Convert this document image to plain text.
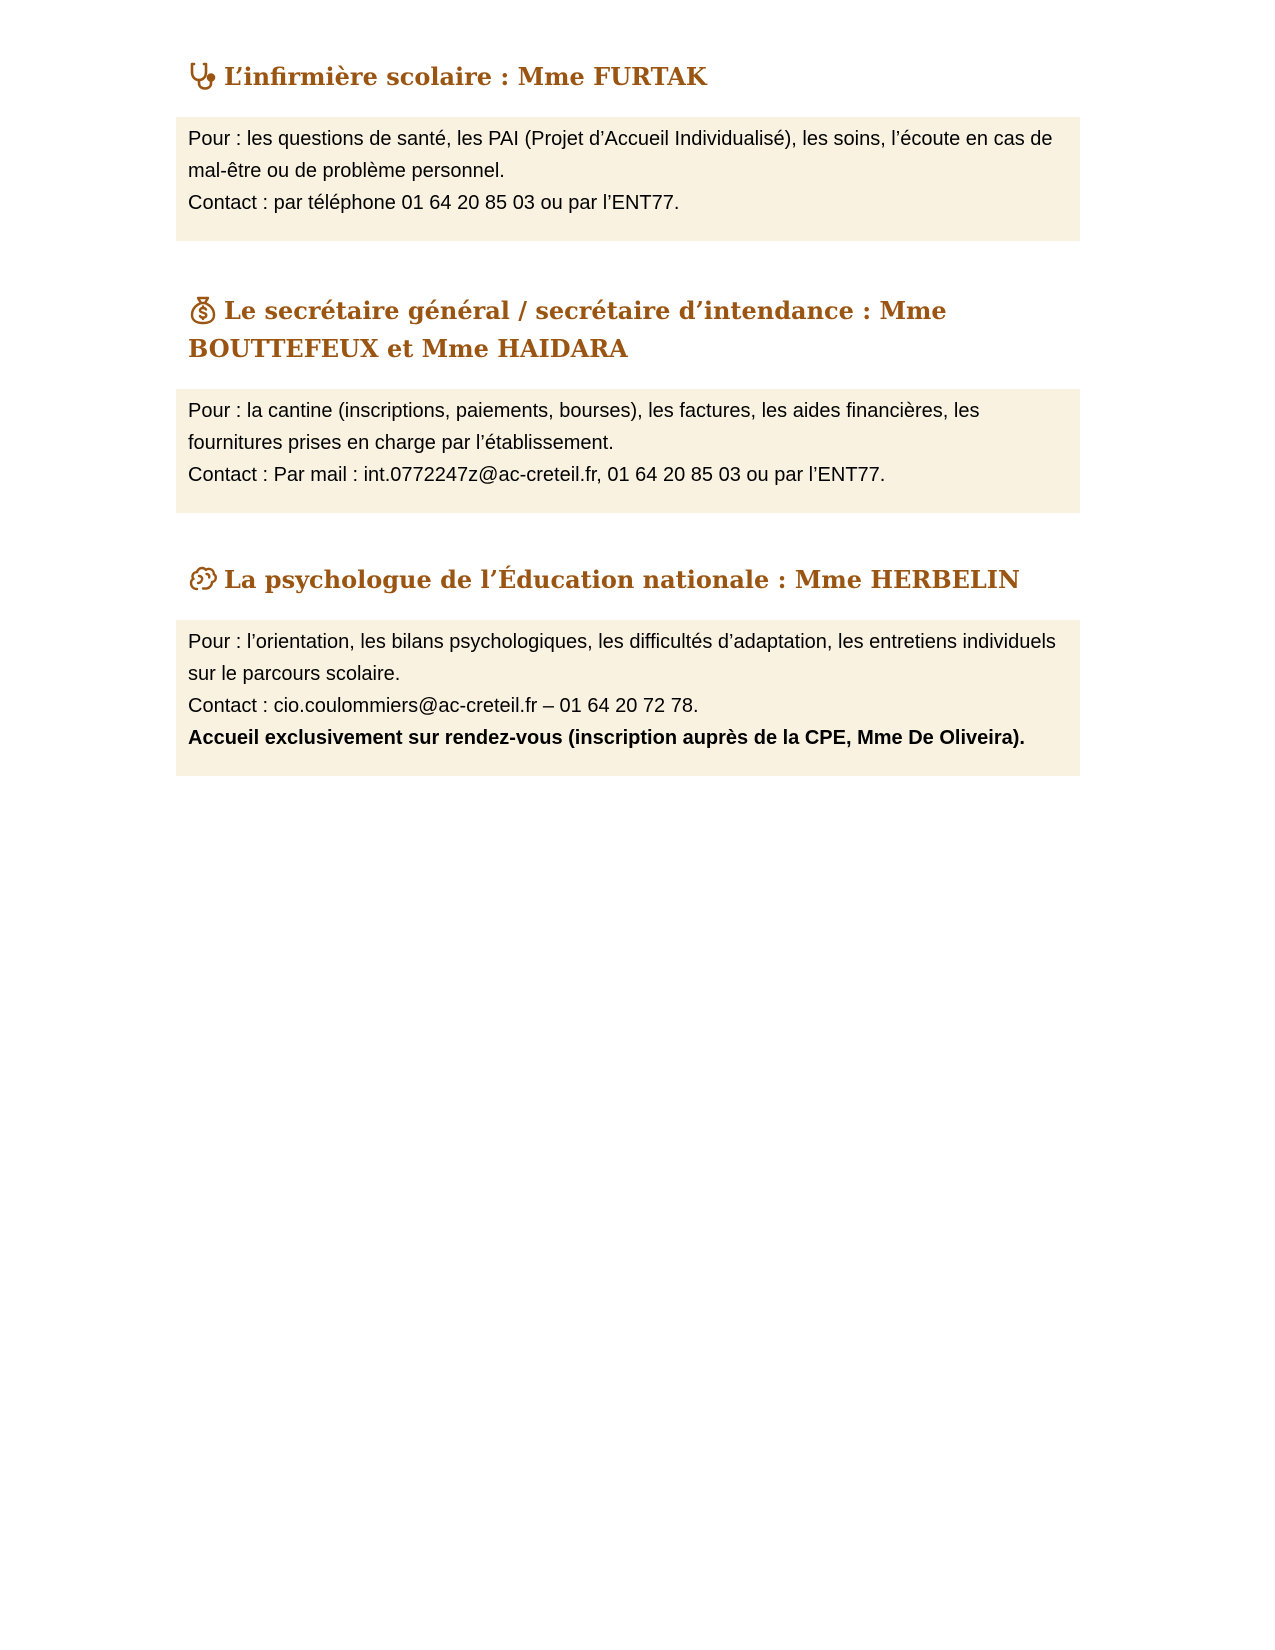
L’infirmière scolaire : Mme FURTAK

Pour : les questions de santé, les PAI (Projet d’Accueil Individualisé), les soins, l’écoute en cas de mal-être ou de problème personnel.

Contact : par téléphone 01 64 20 85 03 ou par l’ENT77.

Le secrétaire général / secrétaire d’intendance : Mme BOUTTEFEUX et Mme HAIDARA

Pour : la cantine (inscriptions, paiements, bourses), les factures, les aides financières, les fournitures prises en charge par l’établissement.

Contact : Par mail : int.0772247z@ac-creteil.fr, 01 64 20 85 03 ou par l’ENT77.

La psychologue de l’Éducation nationale : Mme HERBELIN

Pour : l’orientation, les bilans psychologiques, les difficultés d’adaptation, les entretiens individuels sur le parcours scolaire.

Contact : cio.coulommiers@ac-creteil.fr – 01 64 20 72 78.

Accueil exclusivement sur rendez-vous (inscription auprès de la CPE, Mme De Oliveira).
